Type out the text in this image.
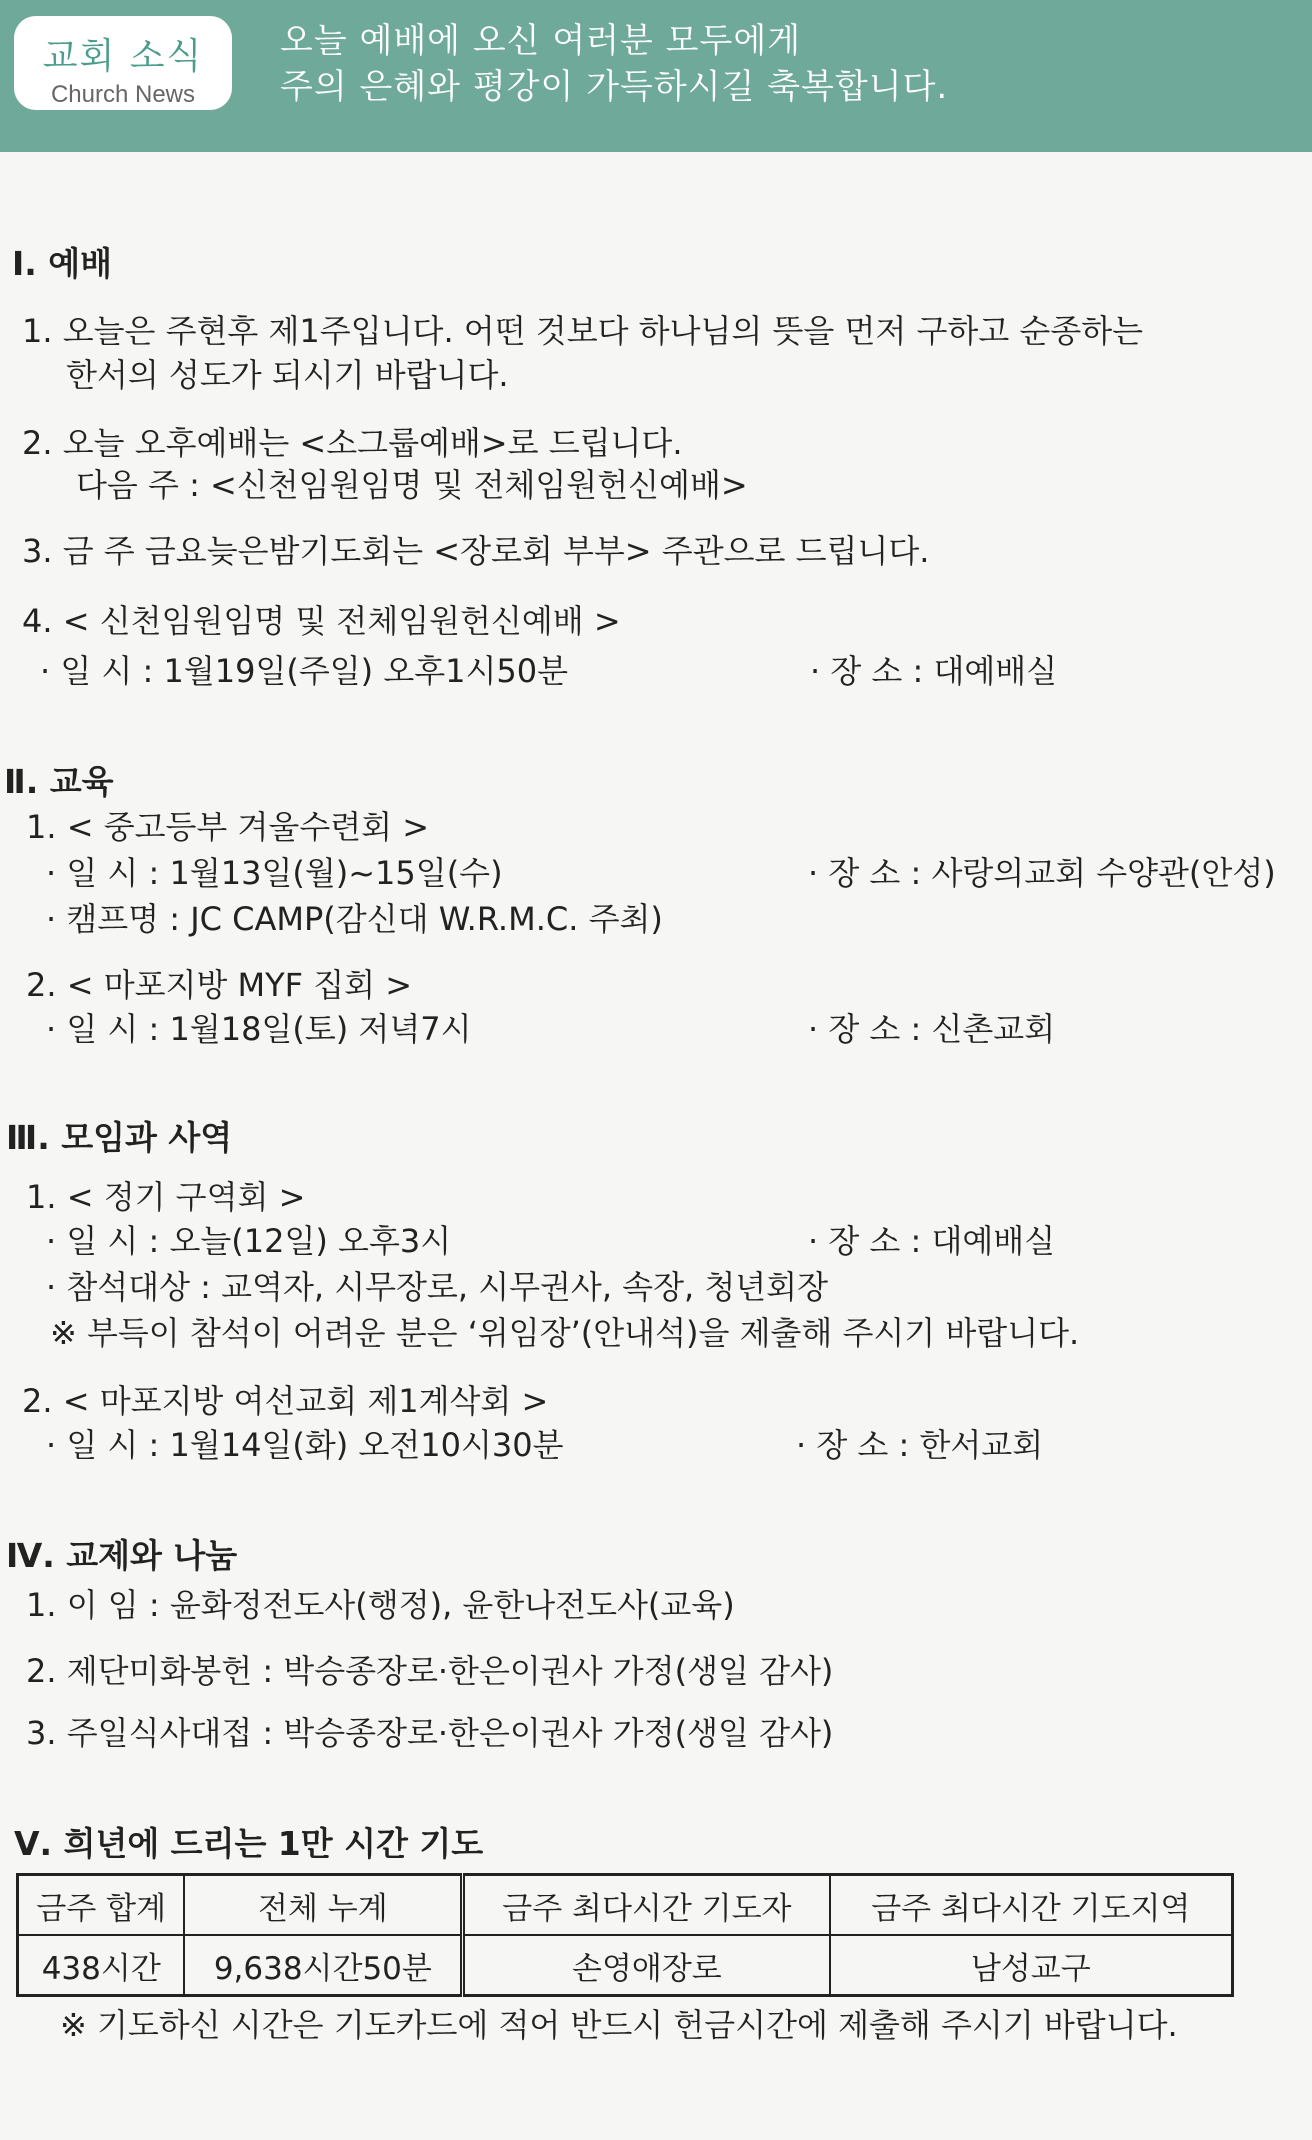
교회 소식
Church News
오늘 예배에 오신 여러분 모두에게
주의 은혜와 평강이 가득하시길 축복합니다.
Ⅰ. 예배
1. 오늘은 주현후 제1주입니다. 어떤 것보다 하나님의 뜻을 먼저 구하고 순종하는
한서의 성도가 되시기 바랍니다.
2. 오늘 오후예배는 <소그룹예배>로 드립니다.
다음 주 : <신천임원임명 및 전체임원헌신예배>
3. 금 주 금요늦은밤기도회는 <장로회 부부> 주관으로 드립니다.
4. < 신천임원임명 및 전체임원헌신예배 >
· 일 시 : 1월19일(주일) 오후1시50분	· 장 소 : 대예배실
Ⅱ. 교육
1. < 중고등부 겨울수련회 >
· 일 시 : 1월13일(월)~15일(수)	· 장 소 : 사랑의교회 수양관(안성)
· 캠프명 : JC CAMP(감신대 W.R.M.C. 주최)
2. < 마포지방 MYF 집회 >
· 일 시 : 1월18일(토) 저녁7시	· 장 소 : 신촌교회
Ⅲ. 모임과 사역
1. < 정기 구역회 >
· 일 시 : 오늘(12일) 오후3시	· 장 소 : 대예배실
· 참석대상 : 교역자, 시무장로, 시무권사, 속장, 청년회장
※ 부득이 참석이 어려운 분은 ‘위임장’(안내석)을 제출해 주시기 바랍니다.
2. < 마포지방 여선교회 제1계삭회 >
· 일 시 : 1월14일(화) 오전10시30분	· 장 소 : 한서교회
Ⅳ. 교제와 나눔
1. 이 임 : 윤화정전도사(행정), 윤한나전도사(교육)
2. 제단미화봉헌 : 박승종장로·한은이권사 가정(생일 감사)
3. 주일식사대접 : 박승종장로·한은이권사 가정(생일 감사)
Ⅴ. 희년에 드리는 1만 시간 기도
금주 합계	전체 누계	금주 최다시간 기도자	금주 최다시간 기도지역
438시간	9,638시간50분	손영애장로	남성교구
※ 기도하신 시간은 기도카드에 적어 반드시 헌금시간에 제출해 주시기 바랍니다.
